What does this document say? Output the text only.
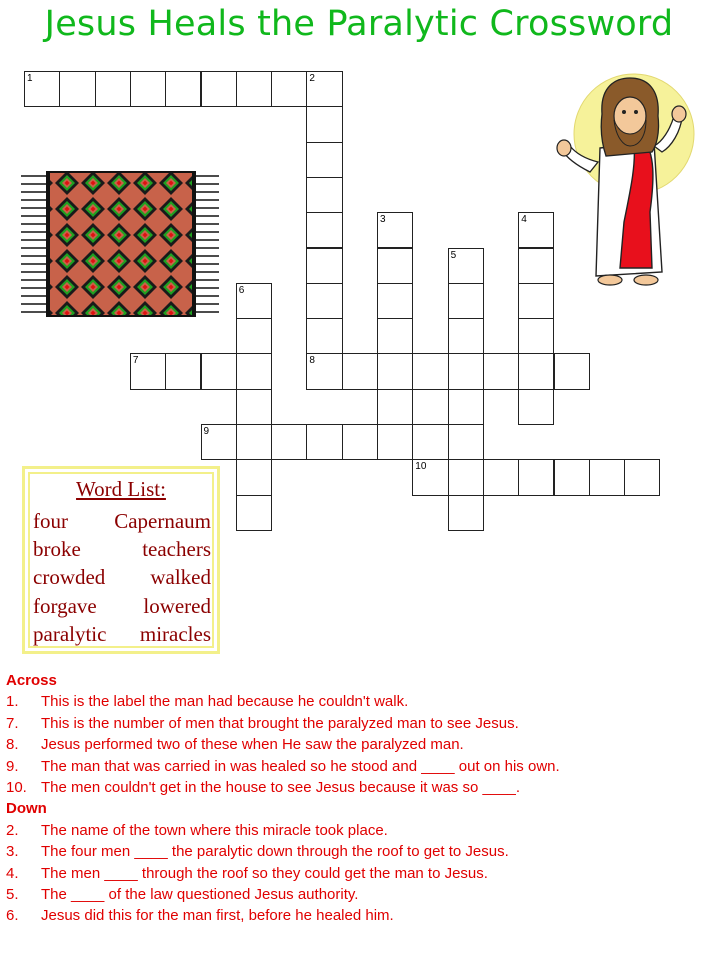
Jesus Heals the Paralytic Crossword
1	2
8
3	4
5
6
7
9
10
Word List:
four Capernaum
broke	teachers
crowded walked
forgave lowered
paralytic miracles
Across
1.	This is the label the man had because he couldn't walk.
7.	This is the number of men that brought the paralyzed man to see Jesus.
8.	Jesus performed two of these when He saw the paralyzed man.
9.	The man that was carried in was healed so he stood and ____ out on his own.
10. The men couldn't get in the house to see Jesus because it was so ____.
Down
2.	The name of the town where this miracle took place.
3.	The four men ____ the paralytic down through the roof to get to Jesus.
4.	The men ____ through the roof so they could get the man to Jesus.
5.	The ____ of the law questioned Jesus authority.
6.	Jesus did this for the man first, before he healed him.
